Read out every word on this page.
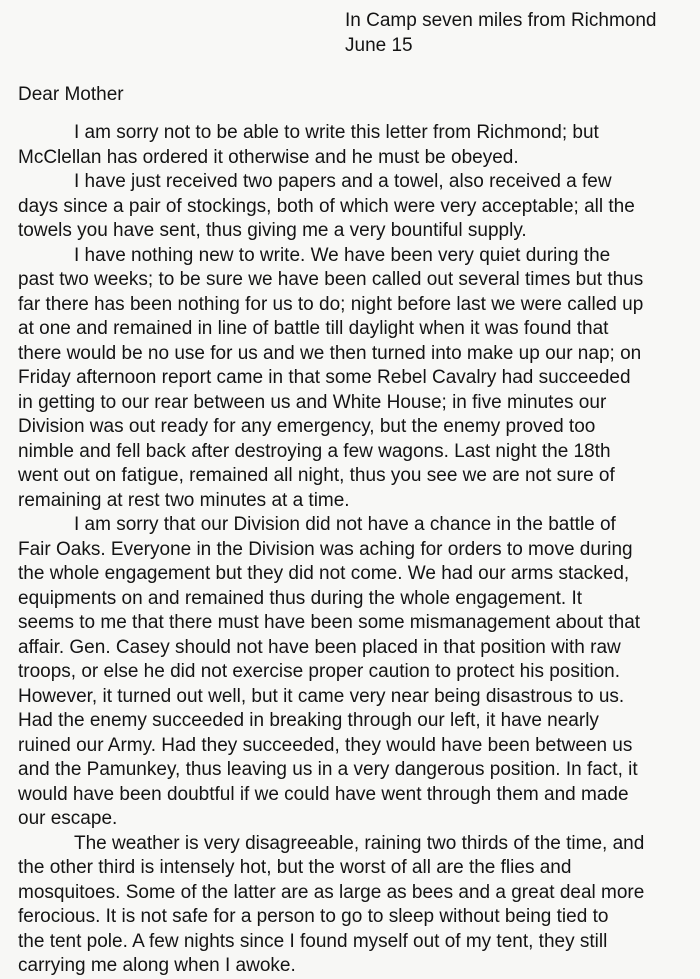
In Camp seven miles from Richmond
June 15
Dear Mother
I am sorry not to be able to write this letter from Richmond; but
McClellan has ordered it otherwise and he must be obeyed.
I have just received two papers and a towel, also received a few
days since a pair of stockings, both of which were very acceptable; all the
towels you have sent, thus giving me a very bountiful supply.
I have nothing new to write. We have been very quiet during the
past two weeks; to be sure we have been called out several times but thus
far there has been nothing for us to do; night before last we were called up
at one and remained in line of battle till daylight when it was found that
there would be no use for us and we then turned into make up our nap; on
Friday afternoon report came in that some Rebel Cavalry had succeeded
in getting to our rear between us and White House; in five minutes our
Division was out ready for any emergency, but the enemy proved too
nimble and fell back after destroying a few wagons. Last night the 18th
went out on fatigue, remained all night, thus you see we are not sure of
remaining at rest two minutes at a time.
I am sorry that our Division did not have a chance in the battle of
Fair Oaks. Everyone in the Division was aching for orders to move during
the whole engagement but they did not come. We had our arms stacked,
equipments on and remained thus during the whole engagement. It
seems to me that there must have been some mismanagement about that
affair. Gen. Casey should not have been placed in that position with raw
troops, or else he did not exercise proper caution to protect his position.
However, it turned out well, but it came very near being disastrous to us.
Had the enemy succeeded in breaking through our left, it have nearly
ruined our Army. Had they succeeded, they would have been between us
and the Pamunkey, thus leaving us in a very dangerous position. In fact, it
would have been doubtful if we could have went through them and made
our escape.
The weather is very disagreeable, raining two thirds of the time, and
the other third is intensely hot, but the worst of all are the flies and
mosquitoes. Some of the latter are as large as bees and a great deal more
ferocious. It is not safe for a person to go to sleep without being tied to
the tent pole. A few nights since I found myself out of my tent, they still
carrying me along when I awoke.
